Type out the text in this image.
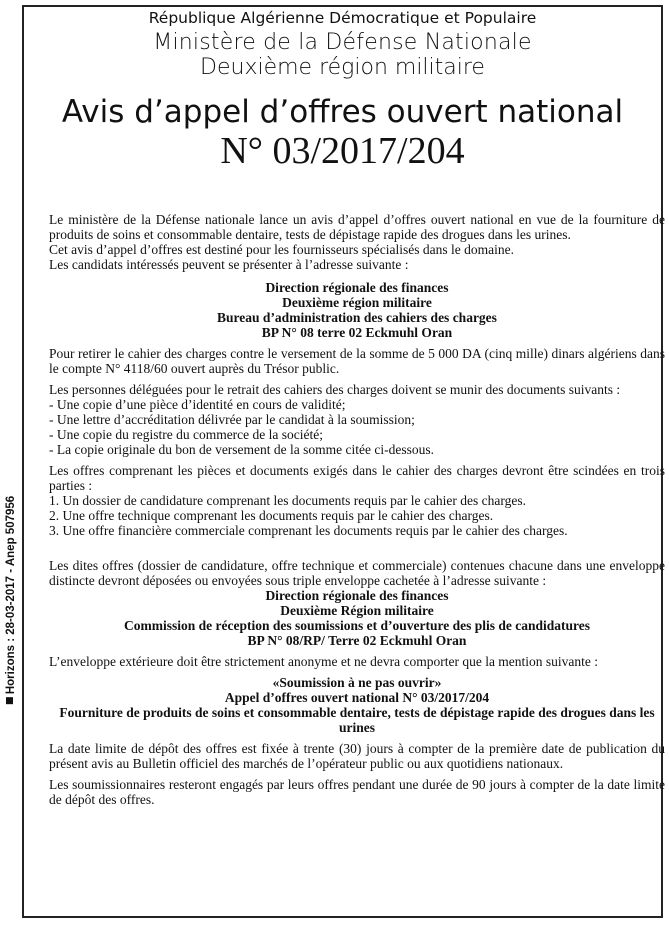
Horizons : 28-03-2017 - Anep 507956
République Algérienne Démocratique et Populaire
Ministère de la Défense Nationale
Deuxième région militaire
Avis d’appel d’offres ouvert national
N° 03/2017/204

Le ministère de la Défense nationale lance un avis d’appel d’offres ouvert national en vue de la fourniture de produits de soins et consommable dentaire, tests de dépistage rapide des drogues dans les urines.

Cet avis d’appel d’offres est destiné pour les fournisseurs spécialisés dans le domaine.

Les candidats intéressés peuvent se présenter à l’adresse suivante :

Direction régionale des finances

Deuxième région militaire

Bureau d’administration des cahiers des charges

BP N° 08 terre 02 Eckmuhl Oran

Pour retirer le cahier des charges contre le versement de la somme de 5 000 DA (cinq mille) dinars algériens dans le compte N° 4118/60 ouvert auprès du Trésor public.

Les personnes déléguées pour le retrait des cahiers des charges doivent se munir des documents suivants :

- Une copie d’une pièce d’identité en cours de validité;

- Une lettre d’accréditation délivrée par le candidat à la soumission;

- Une copie du registre du commerce de la société;

- La copie originale du bon de versement de la somme citée ci-dessous.

Les offres comprenant les pièces et documents exigés dans le cahier des charges devront être scindées en trois parties :

1. Un dossier de candidature comprenant les documents requis par le cahier des charges.

2. Une offre technique comprenant les documents requis par le cahier des charges.

3. Une offre financière commerciale comprenant les documents requis par le cahier des charges.

Les dites offres (dossier de candidature, offre technique et commerciale) contenues chacune dans une enveloppe distincte devront déposées ou envoyées sous triple enveloppe cachetée à l’adresse suivante :

Direction régionale des finances

Deuxième Région militaire

Commission de réception des soumissions et d’ouverture des plis de candidatures

BP N° 08/RP/ Terre 02 Eckmuhl Oran

L’enveloppe extérieure doit être strictement anonyme et ne devra comporter que la mention suivante :

«Soumission à ne pas ouvrir»

Appel d’offres ouvert national N° 03/2017/204

Fourniture de produits de soins et consommable dentaire, tests de dépistage rapide des drogues dans les urines

La date limite de dépôt des offres est fixée à trente (30) jours à compter de la première date de publication du présent avis au Bulletin officiel des marchés de l’opérateur public ou aux quotidiens nationaux.

Les soumissionnaires resteront engagés par leurs offres pendant une durée de 90 jours à compter de la date limite de dépôt des offres.
